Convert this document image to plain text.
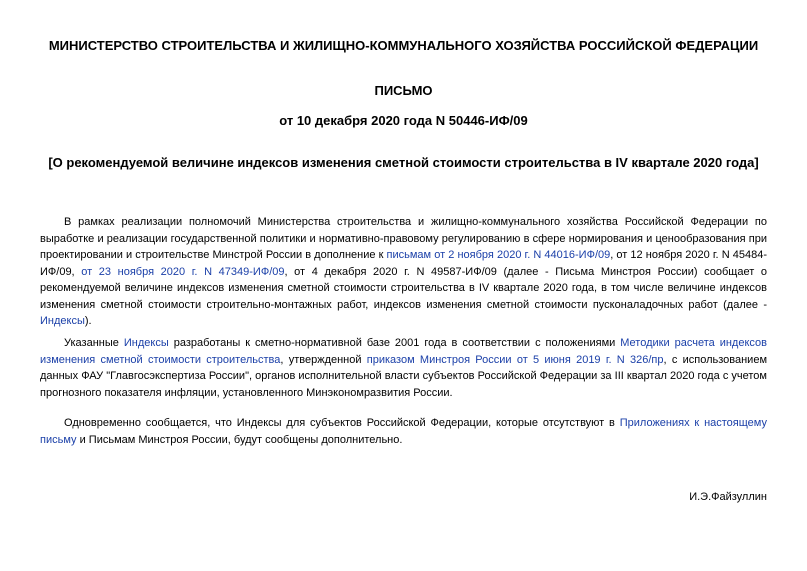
МИНИСТЕРСТВО СТРОИТЕЛЬСТВА И ЖИЛИЩНО-КОММУНАЛЬНОГО ХОЗЯЙСТВА РОССИЙСКОЙ ФЕДЕРАЦИИ
ПИСЬМО
от 10 декабря 2020 года N 50446-ИФ/09
[О рекомендуемой величине индексов изменения сметной стоимости строительства в IV квартале 2020 года]
В рамках реализации полномочий Министерства строительства и жилищно-коммунального хозяйства Российской Федерации по выработке и реализации государственной политики и нормативно-правовому регулированию в сфере нормирования и ценообразования при проектировании и строительстве Минстрой России в дополнение к письмам от 2 ноября 2020 г. N 44016-ИФ/09, от 12 ноября 2020 г. N 45484-ИФ/09, от 23 ноября 2020 г. N 47349-ИФ/09, от 4 декабря 2020 г. N 49587-ИФ/09 (далее - Письма Минстроя России) сообщает о рекомендуемой величине индексов изменения сметной стоимости строительства в IV квартале 2020 года, в том числе величине индексов изменения сметной стоимости строительно-монтажных работ, индексов изменения сметной стоимости пусконаладочных работ (далее - Индексы).
Указанные Индексы разработаны к сметно-нормативной базе 2001 года в соответствии с положениями Методики расчета индексов изменения сметной стоимости строительства, утвержденной приказом Минстроя России от 5 июня 2019 г. N 326/пр, с использованием данных ФАУ "Главгосэкспертиза России", органов исполнительной власти субъектов Российской Федерации за III квартал 2020 года с учетом прогнозного показателя инфляции, установленного Минэкономразвития России.
Одновременно сообщается, что Индексы для субъектов Российской Федерации, которые отсутствуют в Приложениях к настоящему письму и Письмам Минстроя России, будут сообщены дополнительно.
И.Э.Файзуллин
